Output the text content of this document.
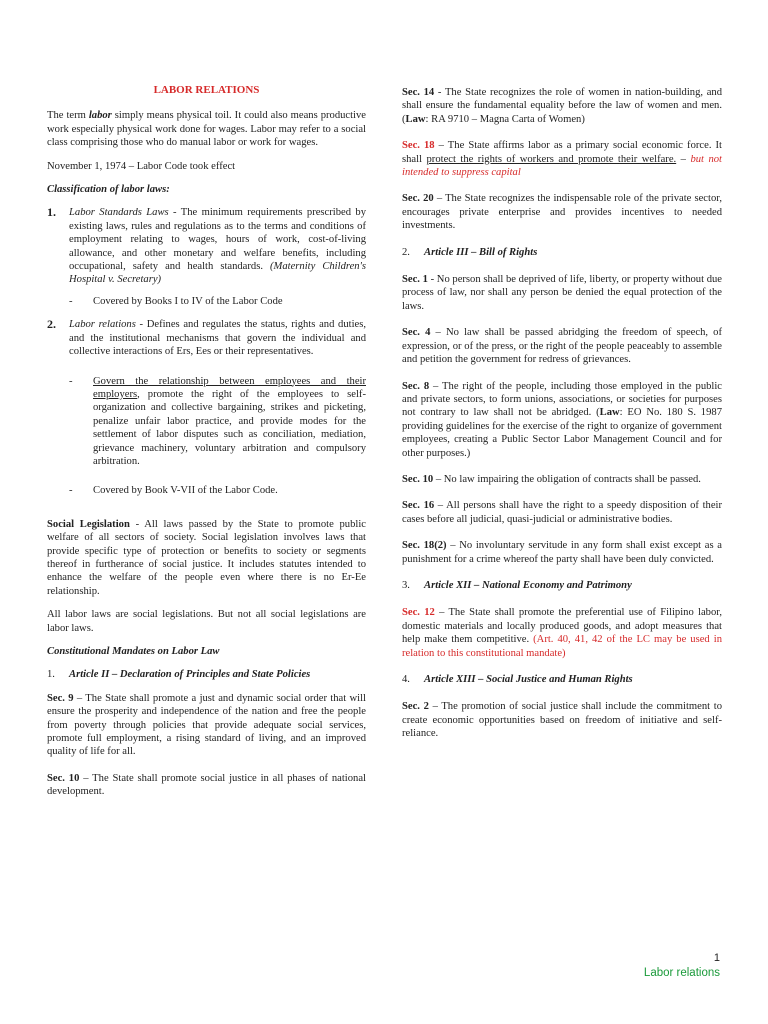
LABOR RELATIONS

The term labor simply means physical toil. It could also means productive work especially physical work done for wages. Labor may refer to a social class comprising those who do manual labor or work for wages.

November 1, 1974 – Labor Code took effect

Classification of labor laws:

1.	Labor Standards Laws - The minimum requirements prescribed by existing laws, rules and regulations as to the terms and conditions of employment relating to wages, hours of work, cost-of-living allowance, and other monetary and welfare benefits, including occupational, safety and health standards. (Maternity Children's Hospital v. Secretary)
-	Covered by Books I to IV of the Labor Code
2.	Labor relations - Defines and regulates the status, rights and duties, and the institutional mechanisms that govern the individual and collective interactions of Ers, Ees or their representatives.
-	Govern the relationship between employees and their employers, promote the right of the employees to self-organization and collective bargaining, strikes and picketing, penalize unfair labor practice, and provide modes for the settlement of labor disputes such as conciliation, mediation, grievance machinery, voluntary arbitration and compulsory arbitration.
-	Covered by Book V-VII of the Labor Code.

Social Legislation - All laws passed by the State to promote public welfare of all sectors of society. Social legislation involves laws that provide specific type of protection or benefits to society or segments thereof in furtherance of social justice. It includes statutes intended to enhance the welfare of the people even where there is no Er-Ee relationship.

All labor laws are social legislations. But not all social legislations are labor laws.

Constitutional Mandates on Labor Law

1.	Article II – Declaration of Principles and State Policies

Sec. 9 – The State shall promote a just and dynamic social order that will ensure the prosperity and independence of the nation and free the people from poverty through policies that provide adequate social services, promote full employment, a rising standard of living, and an improved quality of life for all.

Sec. 10 – The State shall promote social justice in all phases of national development.

Sec. 14 - The State recognizes the role of women in nation-building, and shall ensure the fundamental equality before the law of women and men. (Law: RA 9710 – Magna Carta of Women)

Sec. 18 – The State affirms labor as a primary social economic force. It shall protect the rights of workers and promote their welfare. – but not intended to suppress capital

Sec. 20 – The State recognizes the indispensable role of the private sector, encourages private enterprise and provides incentives to needed investments.

2.	Article III – Bill of Rights

Sec. 1 - No person shall be deprived of life, liberty, or property without due process of law, nor shall any person be denied the equal protection of the laws.

Sec. 4 – No law shall be passed abridging the freedom of speech, of expression, or of the press, or the right of the people peaceably to assemble and petition the government for redress of grievances.

Sec. 8 – The right of the people, including those employed in the public and private sectors, to form unions, associations, or societies for purposes not contrary to law shall not be abridged. (Law: EO No. 180 S. 1987 providing guidelines for the exercise of the right to organize of government employees, creating a Public Sector Labor Management Council and for other purposes.)

Sec. 10 – No law impairing the obligation of contracts shall be passed.

Sec. 16 – All persons shall have the right to a speedy disposition of their cases before all judicial, quasi-judicial or administrative bodies.

Sec. 18(2) – No involuntary servitude in any form shall exist except as a punishment for a crime whereof the party shall have been duly convicted.

3.	Article XII – National Economy and Patrimony

Sec. 12 – The State shall promote the preferential use of Filipino labor, domestic materials and locally produced goods, and adopt measures that help make them competitive. (Art. 40, 41, 42 of the LC may be used in relation to this constitutional mandate)

4.	Article XIII – Social Justice and Human Rights

Sec. 2 – The promotion of social justice shall include the commitment to create economic opportunities based on freedom of initiative and self-reliance.

1
Labor relations
